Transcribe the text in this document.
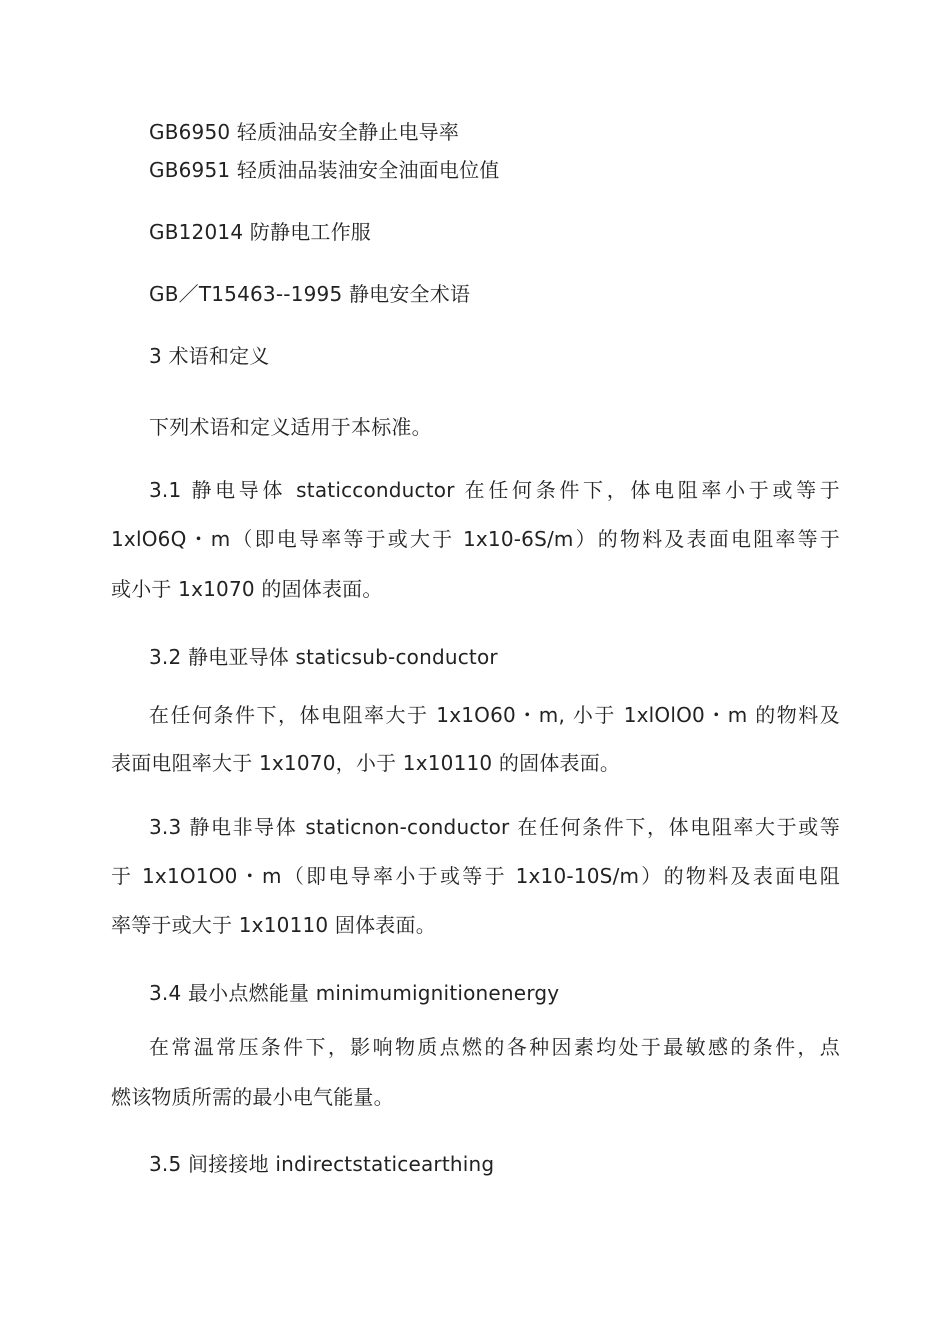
GB6950 轻质油品安全静止电导率
GB6951 轻质油品装油安全油面电位值
GB12014 防静电工作服
GB／T15463--1995 静电安全术语
3 术语和定义
下列术语和定义适用于本标准。
3.1 静电导体 staticconductor 在任何条件下，体电阻率小于或等于
1xlO6Q・m（即电导率等于或大于 1x10-6S/m）的物料及表面电阻率等于
或小于 1x1070 的固体表面。
3.2 静电亚导体 staticsub-conductor
在任何条件下，体电阻率大于 1x1O60・m, 小于 1xlOlO0・m 的物料及
表面电阻率大于 1x1070，小于 1x10110 的固体表面。
3.3 静电非导体 staticnon-conductor 在任何条件下，体电阻率大于或等
于 1x1O1O0・m（即电导率小于或等于 1x10-10S/m）的物料及表面电阻
率等于或大于 1x10110 固体表面。
3.4 最小点燃能量 minimumignitionenergy
在常温常压条件下，影响物质点燃的各种因素均处于最敏感的条件，点
燃该物质所需的最小电气能量。
3.5 间接接地 indirectstaticearthing
